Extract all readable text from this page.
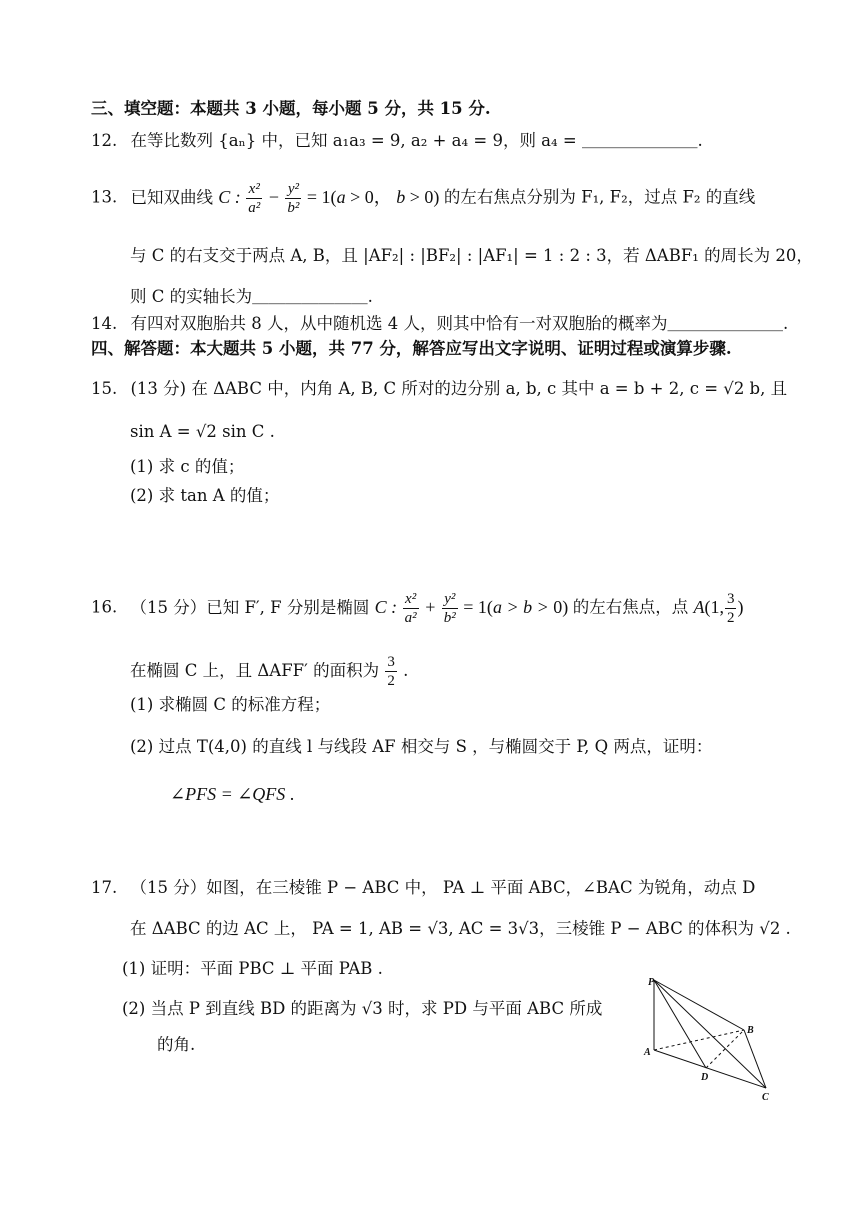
三、填空题：本题共 3 小题，每小题 5 分，共 15 分.
12. 在等比数列 {aₙ} 中，已知 a₁a₃ = 9, a₂ + a₄ = 9，则 a₄ = ＿＿＿＿＿＿＿.
13. 已知双曲线 C : $\frac{\text{x²}}{\text{a²}} - \frac{\text{y²}}{\text{b²}} = 1(a > 0$， b > 0) 的左右焦点分别为 F₁, F₂，过点 F₂ 的直线
与 C 的右支交于两点 A, B，且 |AF₂| : |BF₂| : |AF₁| = 1 : 2 : 3，若 ΔABF₁ 的周长为 20，
则 C 的实轴长为＿＿＿＿＿＿＿.
14. 有四对双胞胎共 8 人，从中随机选 4 人，则其中恰有一对双胞胎的概率为＿＿＿＿＿＿＿.
四、解答题：本大题共 5 小题，共 77 分，解答应写出文字说明、证明过程或演算步骤.
15. (13 分) 在 ΔABC 中，内角 A, B, C 所对的边分别 a, b, c 其中 a = b + 2, c = √2 b, 且
sin A = √2 sin C .
(1) 求 c 的值；
(2) 求 tan A 的值；
16. （15 分）已知 F′, F 分别是椭圆 C : $\frac{\text{x²}}{\text{a²}} + \frac{\text{y²}}{\text{b²}} = 1(a > b > 0)$ 的左右焦点，点 A(1, $\frac{3}{2}$ )
在椭圆 C 上，且 ΔAFF′ 的面积为 $\frac{3}{2}$ .
(1) 求椭圆 C 的标准方程；
(2) 过点 T(4,0) 的直线 l 与线段 AF 相交与 S ，与椭圆交于 P, Q 两点，证明：
∠PFS = ∠QFS .
17. （15 分）如图，在三棱锥 P − ABC 中， PA ⊥ 平面 ABC，∠BAC 为锐角，动点 D
在 ΔABC 的边 AC 上， PA = 1, AB = √3, AC = 3√3，三棱锥 P − ABC 的体积为 √2 .
(1) 证明：平面 PBC ⊥ 平面 PAB .
(2) 当点 P 到直线 BD 的距离为 √3 时，求 PD 与平面 ABC 所成
的角.
P
A
B
C
D
